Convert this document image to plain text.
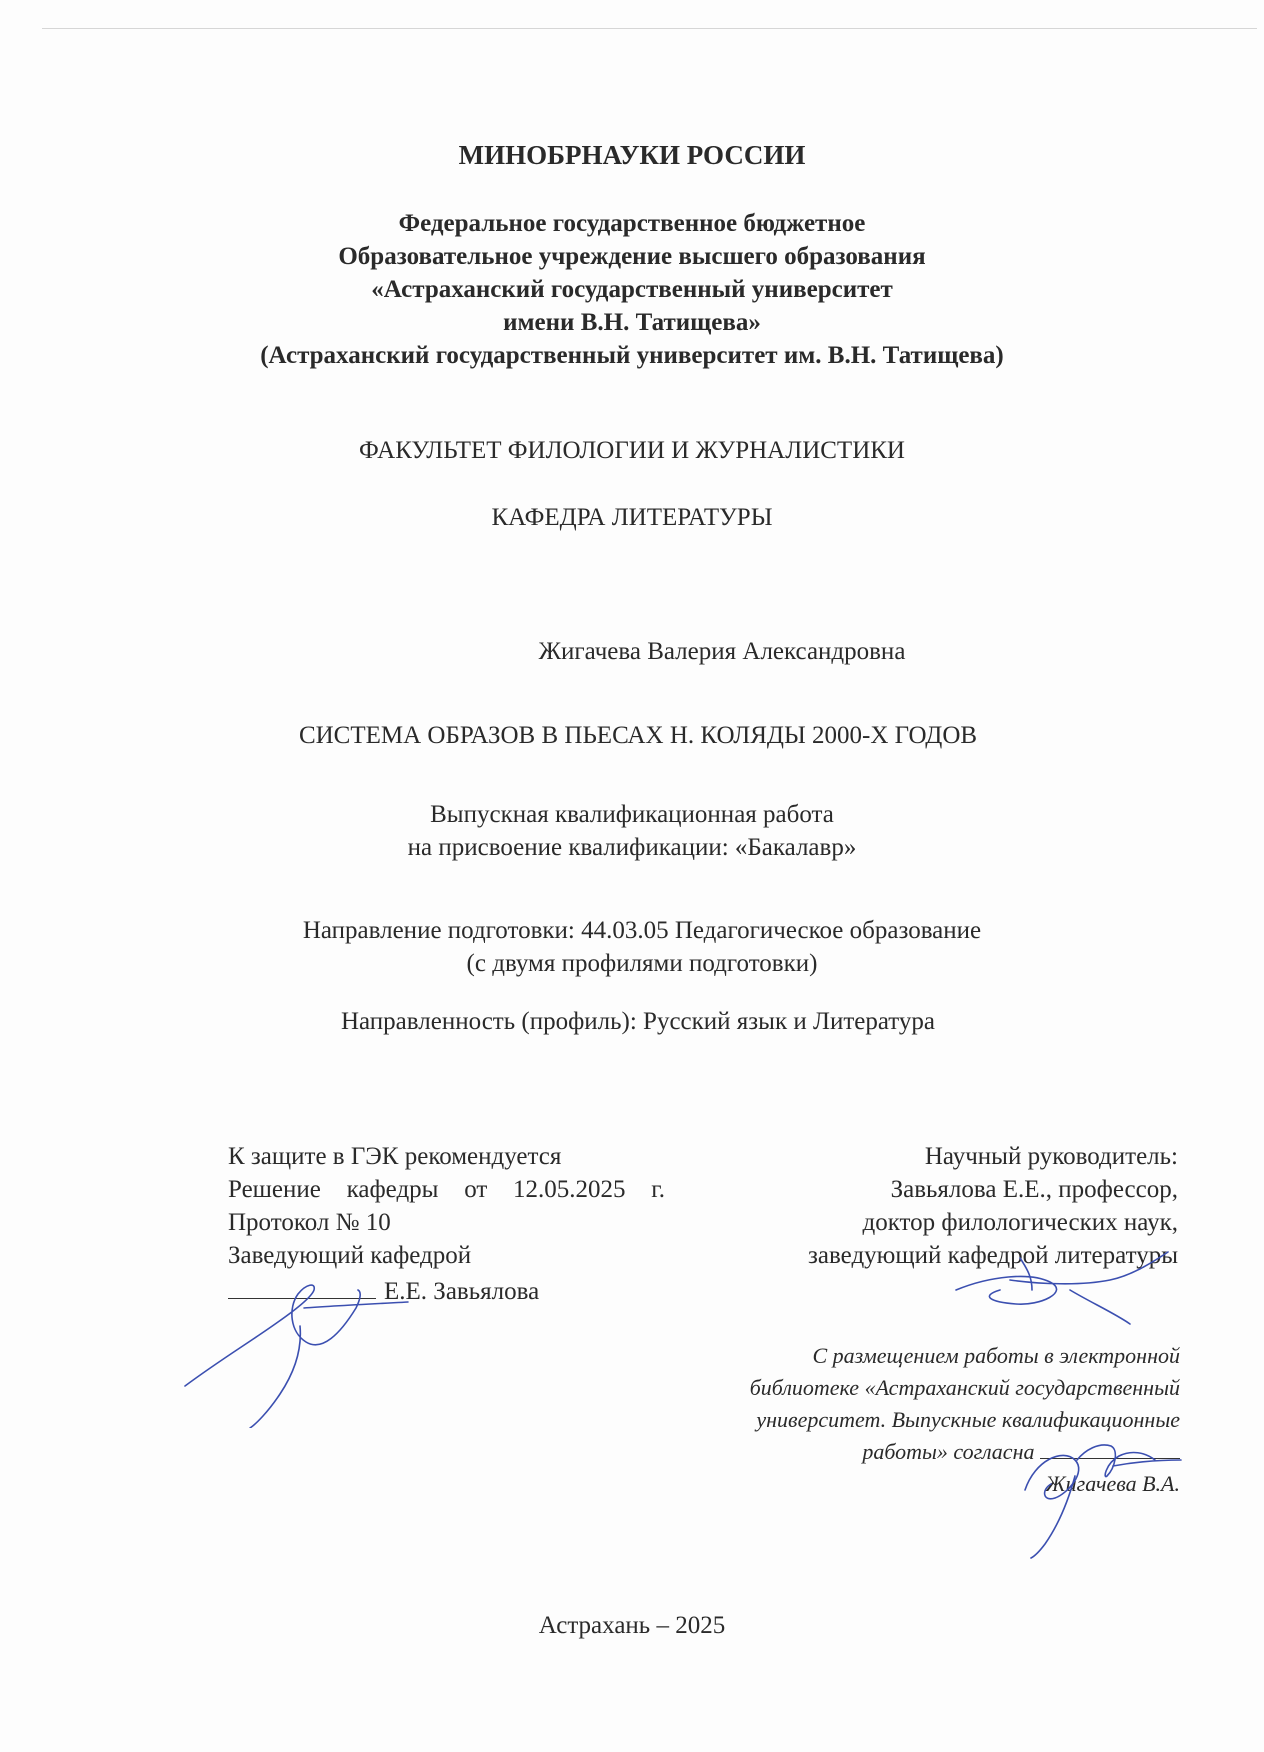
МИНОБРНАУКИ РОССИИ
Федеральное государственное бюджетное
Образовательное учреждение высшего образования
«Астраханский государственный университет
имени В.Н. Татищева»
(Астраханский государственный университет им. В.Н. Татищева)
ФАКУЛЬТЕТ ФИЛОЛОГИИ И ЖУРНАЛИСТИКИ
КАФЕДРА ЛИТЕРАТУРЫ
Жигачева Валерия Александровна
СИСТЕМА ОБРАЗОВ В ПЬЕСАХ Н. КОЛЯДЫ 2000-Х ГОДОВ
Выпускная квалификационная работа
на присвоение квалификации: «Бакалавр»
Направление подготовки: 44.03.05 Педагогическое образование
(с двумя профилями подготовки)
Направленность (профиль): Русский язык и Литература
К защите в ГЭК рекомендуется
Решение кафедры от 12.05.2025 г.
Протокол № 10
Заведующий кафедрой
Е.Е. Завьялова
Научный руководитель:
Завьялова Е.Е., профессор,
доктор филологических наук,
заведующий кафедрой литературы
С размещением работы в электронной
библиотеке «Астраханский государственный
университет. Выпускные квалификационные
работы» согласна
Жигачева В.А.
Астрахань – 2025
